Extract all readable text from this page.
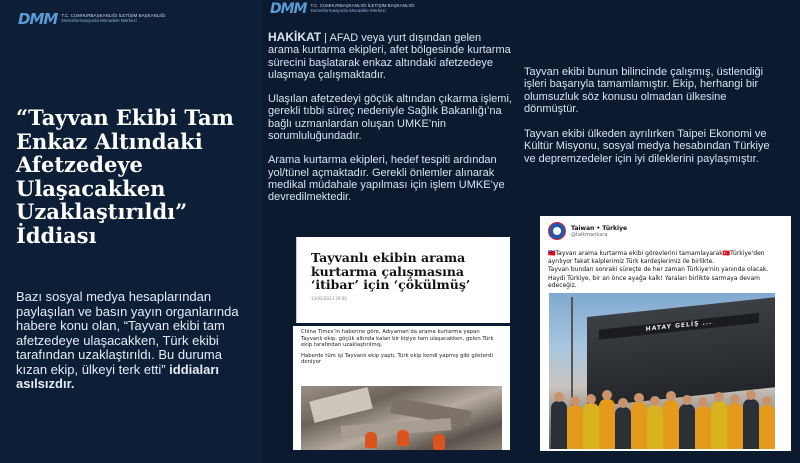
DMM T.C. CUMHURBAŞKANLIĞI İLETİŞİM BAŞKANLIĞI
Dezenformasyonla Mücadele Merkezi
DMM T.C. CUMHURBAŞKANLIĞI İLETİŞİM BAŞKANLIĞI
Dezenformasyonla Mücadele Merkezi
“Tayvan Ekibi Tam
Enkaz Altındaki
Afetzedeye
Ulaşacakken
Uzaklaştırıldı”
İddiası
Bazı sosyal medya hesaplarından paylaşılan ve basın yayın organlarında habere konu olan, “Tayvan ekibi tam afetzedeye ulaşacakken, Türk ekibi tarafından uzaklaştırıldı. Bu duruma kızan ekip, ülkeyi terk etti” iddiaları asılsızdır.

HAKİKAT | AFAD veya yurt dışından gelen arama kurtarma ekipleri, afet bölgesinde kurtarma sürecini başlatarak enkaz altındaki afetzedeye ulaşmaya çalışmaktadır.

Ulaşılan afetzedeyi göçük altından çıkarma işlemi, gerekli tıbbi süreç nedeniyle Sağlık Bakanlığı’na bağlı uzmanlardan oluşan UMKE’nin sorumluluğundadır.

Arama kurtarma ekipleri, hedef tespiti ardından yol/tünel açmaktadır. Gerekli önlemler alınarak medikal müdahale yapılması için işlem UMKE’ye devredilmektedir.

Tayvanlı ekibin arama kurtarma çalışmasına ‘itibar’ için ‘çökülmüş’
13/02/2023 20:00
China Times’in haberine göre, Adıyaman’da arama kurtarma yapan Tayvanlı ekip, göçük altında kalan bir kişiye tam ulaşacakken, gelen Türk ekip tarafından uzaklaştırılmış.
Haberde tüm işi Tayvanlı ekip yaptı, Türk ekip kendi yapmış gibi gösterdi deniyor

Tayvan ekibi bunun bilincinde çalışmış, üstlendiği işleri başarıyla tamamlamıştır. Ekip, herhangi bir olumsuzluk söz konusu olmadan ülkesine dönmüştür.

Tayvan ekibi ülkeden ayrılırken Taipei Ekonomi ve Kültür Misyonu, sosyal medya hesabından Türkiye ve depremzedeler için iyi dileklerini paylaşmıştır.

Taiwan • Türkiye
@taikmankara

🇹🇼Tayvan arama kurtarma ekibi görevlerini tamamlayarak🇹🇷Türkiye'den ayrılıyor fakat kalplerimiz Türk kardeşlerimiz ile birlikte.

Tayvan bundan sonraki süreçte de her zaman Türkiye'nin yanında olacak.

Haydi Türkiye, bir an önce ayağa kalk! Yaraları birlikte sarmaya devam edeceğiz.

HATAY GELİŞ ...
